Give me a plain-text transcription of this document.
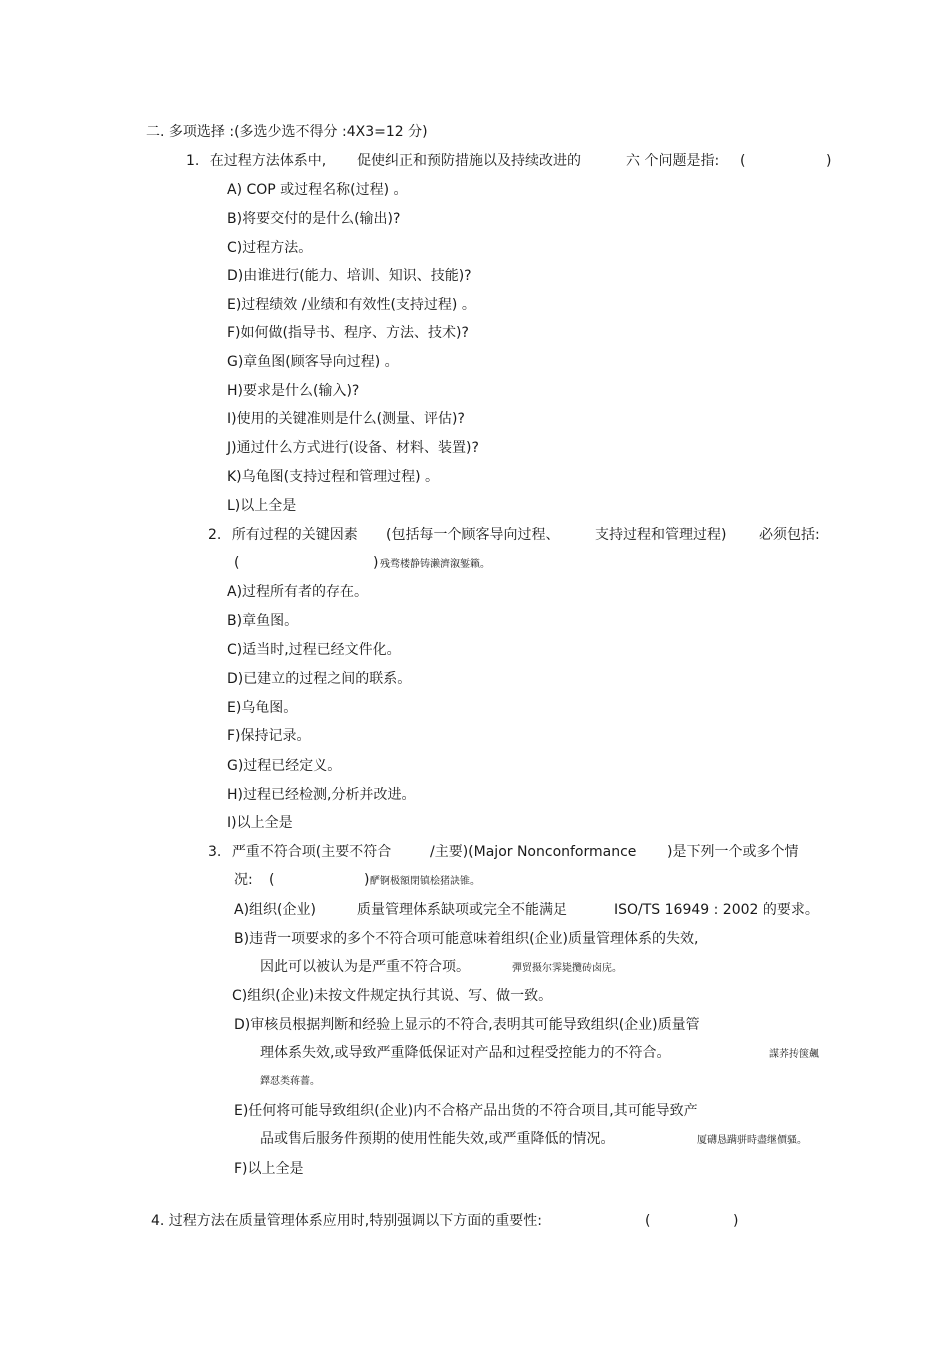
二. 多项选择 :(多选少选不得分 :4X3=12 分)
1. 在过程方法体系中, 促使纠正和预防措施以及持续改进的	六 个问题是指: (	)
A) COP 或过程名称(过程) 。
B)将要交付的是什么(输出)?
C)过程方法。
D)由谁进行(能力、培训、知识、技能)?
E)过程绩效 /业绩和有效性(支持过程) 。
F)如何做(指导书、程序、方法、技术)?
G)章鱼图(顾客导向过程) 。
H)要求是什么(输入)?
I)使用的关键准则是什么(测量、评估)?
J)通过什么方式进行(设备、材料、装置)?
K)乌龟图(支持过程和管理过程) 。
L)以上全是
2. 所有过程的关键因素 (包括每一个顾客导向过程、	支持过程和管理过程) 必须包括:
(	) 残骛楼静铸濑濟溆錾籟。
A)过程所有者的存在。
B)章鱼图。
C)适当时,过程已经文件化。
D)已建立的过程之间的联系。
E)乌龟图。
F)保持记录。
G)过程已经定义。
H)过程已经检测,分析并改进。
I)以上全是
3. 严重不符合项(主要不符合	/主要)(Major Nonconformance )是下列一个或多个情
况: (	) 酽锕极額閉镇桧猪訣锥。
A)组织(企业)	质量管理体系缺项或完全不能满足	ISO/TS 16949 : 2002 的要求。
B)违背一项要求的多个不符合项可能意味着组织(企业)质量管理体系的失效,
因此可以被认为是严重不符合项。	彈贸摄尔霁毙攬砖卤庑。
C)组织(企业)未按文件规定执行其说、写、做一致。
D)审核员根据判断和经验上显示的不符合,表明其可能导致组织(企业)质量管
理体系失效,或导致严重降低保证对产品和过程受控能力的不符合。	謀荞抟箧飆
鐸怼类蒋薔。
E)任何将可能导致组织(企业)内不合格产品出货的不符合项目,其可能导致产
品或售后服务件预期的使用性能失效,或严重降低的情况。	厦礴恳蹒骈時盡继價骚。
F)以上全是
4. 过程方法在质量管理体系应用时,特别强调以下方面的重要性:	(	)
